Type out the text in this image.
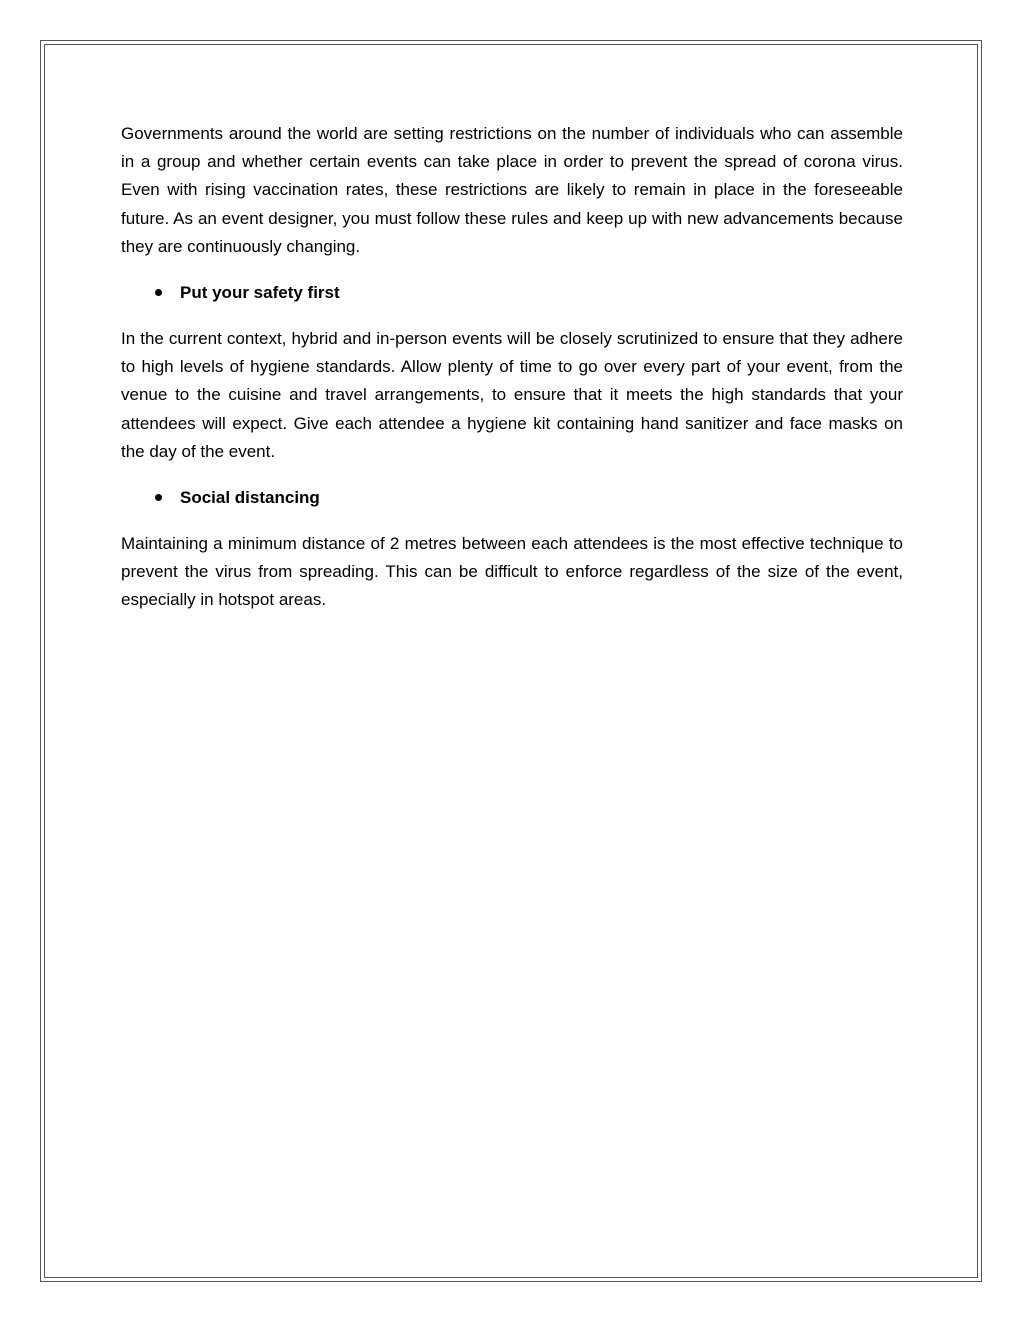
Governments around the world are setting restrictions on the number of individuals who can assemble in a group and whether certain events can take place in order to prevent the spread of corona virus. Even with rising vaccination rates, these restrictions are likely to remain in place in the foreseeable future. As an event designer, you must follow these rules and keep up with new advancements because they are continuously changing.

Put your safety first

In the current context, hybrid and in-person events will be closely scrutinized to ensure that they adhere to high levels of hygiene standards. Allow plenty of time to go over every part of your event, from the venue to the cuisine and travel arrangements, to ensure that it meets the high standards that your attendees will expect. Give each attendee a hygiene kit containing hand sanitizer and face masks on the day of the event.

Social distancing

Maintaining a minimum distance of 2 metres between each attendees is the most effective technique to prevent the virus from spreading. This can be difficult to enforce regardless of the size of the event, especially in hotspot areas.
